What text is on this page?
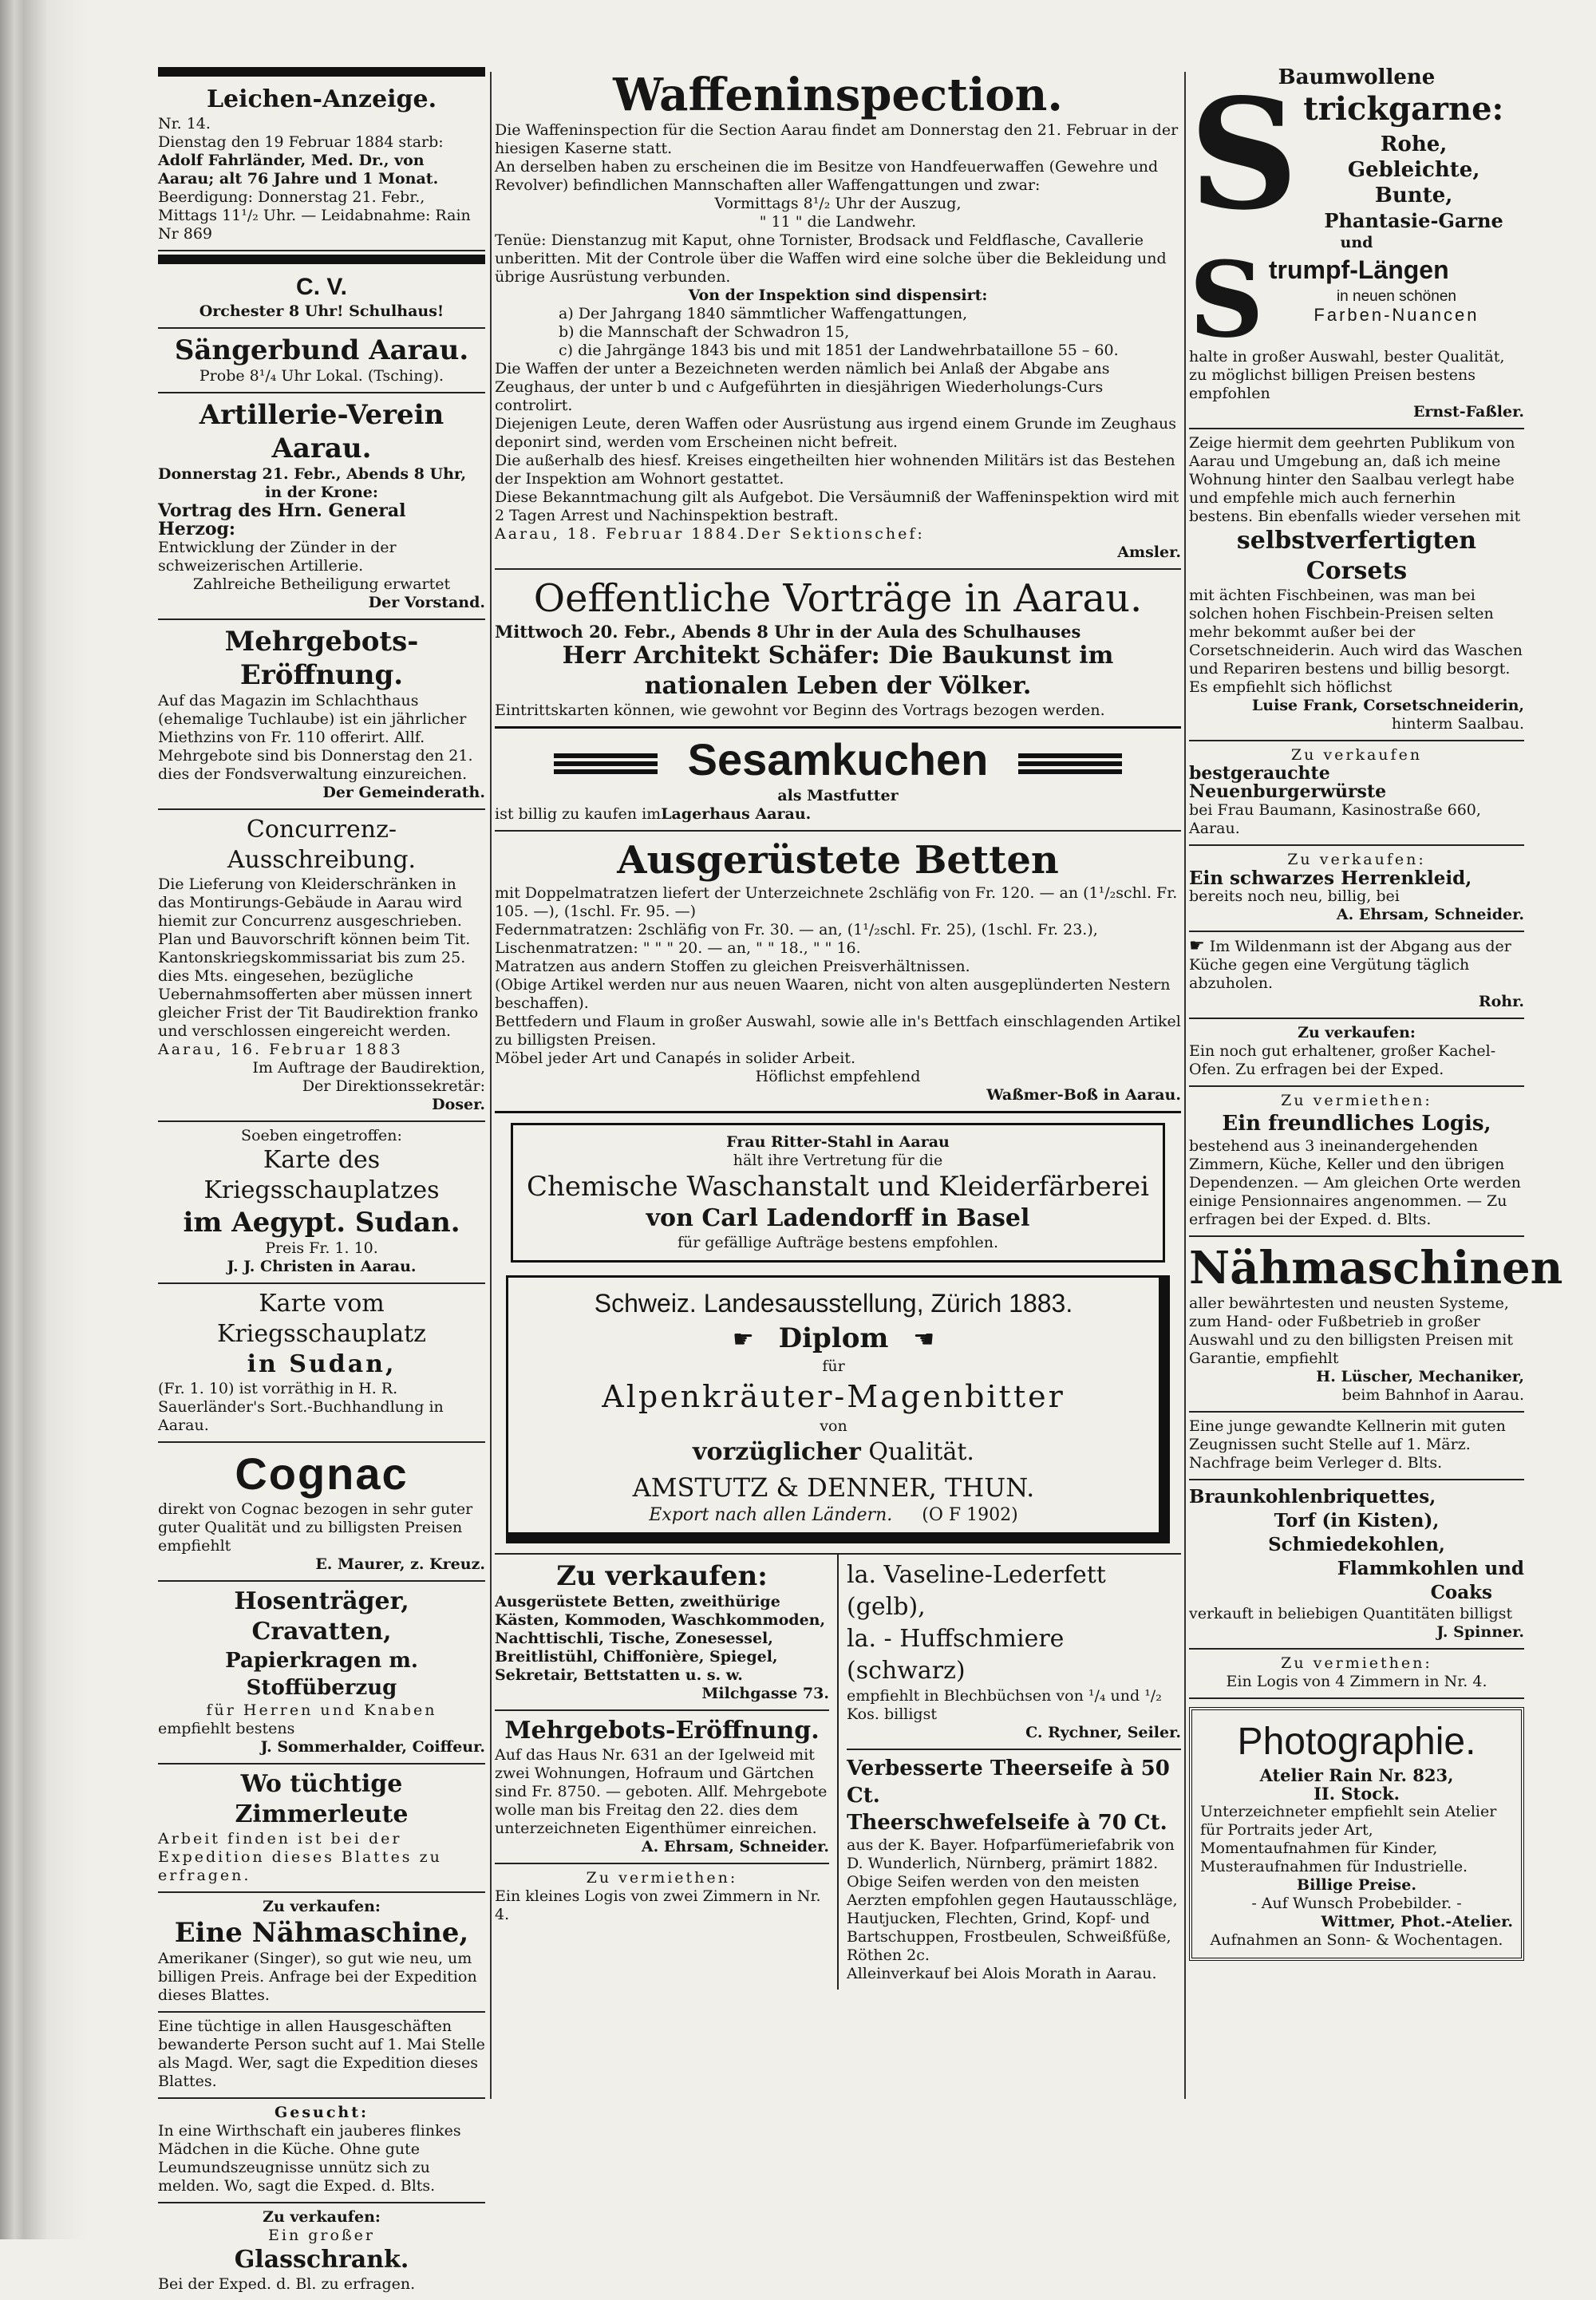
Leichen-Anzeige.

Nr. 14.

Dienstag den 19 Februar 1884 starb:

Adolf Fahrländer, Med. Dr., von Aarau; alt 76 Jahre und 1 Monat.

Beerdigung: Donnerstag 21. Febr., Mittags 11¹/₂ Uhr. — Leidabnahme: Rain Nr 869

C. V.

Orchester 8 Uhr! Schulhaus!

Sängerbund Aarau.

Probe 8¹/₄ Uhr Lokal. (Tsching).

Artillerie-Verein Aarau.

Donnerstag 21. Febr., Abends 8 Uhr,

in der Krone:

Vortrag des Hrn. General Herzog:

Entwicklung der Zünder in der schweizerischen Artillerie.

Zahlreiche Betheiligung erwartet

Der Vorstand.

Mehrgebots-Eröffnung.

Auf das Magazin im Schlachthaus (ehemalige Tuchlaube) ist ein jährlicher Miethzins von Fr. 110 offerirt. Allf. Mehrgebote sind bis Donnerstag den 21. dies der Fondsverwaltung einzureichen.

Der Gemeinderath.

Concurrenz-Ausschreibung.

Die Lieferung von Kleiderschränken in das Montirungs-Gebäude in Aarau wird hiemit zur Concurrenz ausgeschrieben. Plan und Bauvorschrift können beim Tit. Kantonskriegskommissariat bis zum 25. dies Mts. eingesehen, bezügliche Uebernahmsofferten aber müssen innert gleicher Frist der Tit Baudirektion franko und verschlossen eingereicht werden.

Aarau, 16. Februar 1883

Im Auftrage der Baudirektion,

Der Direktionssekretär:

Doser.

Soeben eingetroffen:

Karte des Kriegsschauplatzes

im Aegypt. Sudan.

Preis Fr. 1. 10.

J. J. Christen in Aarau.

Karte vom Kriegsschauplatz

in Sudan,

(Fr. 1. 10) ist vorräthig in H. R. Sauerländer's Sort.-Buchhandlung in Aarau.

Cognac

direkt von Cognac bezogen in sehr guter guter Qualität und zu billigsten Preisen empfiehlt

E. Maurer, z. Kreuz.

Hosenträger,

Cravatten,

Papierkragen m. Stoffüberzug

für Herren und Knaben

empfiehlt bestens

J. Sommerhalder, Coiffeur.

Wo tüchtige Zimmerleute

Arbeit finden ist bei der Expedition dieses Blattes zu erfragen.

Zu verkaufen:

Eine Nähmaschine,

Amerikaner (Singer), so gut wie neu, um billigen Preis. Anfrage bei der Expedition dieses Blattes.

Eine tüchtige in allen Hausgeschäften bewanderte Person sucht auf 1. Mai Stelle als Magd. Wer, sagt die Expedition dieses Blattes.

Gesucht:

In eine Wirthschaft ein jauberes flinkes Mädchen in die Küche. Ohne gute Leumundszeugnisse unnütz sich zu melden. Wo, sagt die Exped. d. Blts.

Zu verkaufen:

Ein großer

Glasschrank.

Bei der Exped. d. Bl. zu erfragen.

Waffeninspection.

Die Waffeninspection für die Section Aarau findet am Donnerstag den 21. Februar in der hiesigen Kaserne statt.

An derselben haben zu erscheinen die im Besitze von Handfeuerwaffen (Gewehre und Revolver) befindlichen Mannschaften aller Waffengattungen und zwar:

Vormittags 8¹/₂ Uhr der Auszug,

" 11 " die Landwehr.

Tenüe: Dienstanzug mit Kaput, ohne Tornister, Brodsack und Feldflasche, Cavallerie unberitten. Mit der Controle über die Waffen wird eine solche über die Bekleidung und übrige Ausrüstung verbunden.

Von der Inspektion sind dispensirt:

a) Der Jahrgang 1840 sämmtlicher Waffengattungen,

b) die Mannschaft der Schwadron 15,

c) die Jahrgänge 1843 bis und mit 1851 der Landwehrbataillone 55 – 60.

Die Waffen der unter a Bezeichneten werden nämlich bei Anlaß der Abgabe ans Zeughaus, der unter b und c Aufgeführten in diesjährigen Wiederholungs-Curs controlirt.

Diejenigen Leute, deren Waffen oder Ausrüstung aus irgend einem Grunde im Zeughaus deponirt sind, werden vom Erscheinen nicht befreit.

Die außerhalb des hiesf. Kreises eingetheilten hier wohnenden Militärs ist das Bestehen der Inspektion am Wohnort gestattet.

Diese Bekanntmachung gilt als Aufgebot. Die Versäumniß der Waffeninspektion wird mit 2 Tagen Arrest und Nachinspektion bestraft.

Aarau, 18. Februar 1884. Der Sektionschef:

Amsler.

Oeffentliche Vorträge in Aarau.

Mittwoch 20. Febr., Abends 8 Uhr in der Aula des Schulhauses

Herr Architekt Schäfer: Die Baukunst im nationalen Leben der Völker.

Eintrittskarten können, wie gewohnt vor Beginn des Vortrags bezogen werden.

Sesamkuchen

als Mastfutter

ist billig zu kaufen im Lagerhaus Aarau.

Ausgerüstete Betten

mit Doppelmatratzen liefert der Unterzeichnete 2schläfig von Fr. 120. — an (1¹/₂schl. Fr. 105. —), (1schl. Fr. 95. —)

Federnmatratzen: 2schläfig von Fr. 30. — an, (1¹/₂schl. Fr. 25), (1schl. Fr. 23.),

Lischenmatratzen: " " " 20. — an, " " 18., " " 16.

Matratzen aus andern Stoffen zu gleichen Preisverhältnissen.

(Obige Artikel werden nur aus neuen Waaren, nicht von alten ausgeplünderten Nestern beschaffen).

Bettfedern und Flaum in großer Auswahl, sowie alle in's Bettfach einschlagenden Artikel zu billigsten Preisen.

Möbel jeder Art und Canapés in solider Arbeit.

Höflichst empfehlend

Waßmer-Boß in Aarau.

Frau Ritter-Stahl in Aarau

hält ihre Vertretung für die

Chemische Waschanstalt und Kleiderfärberei

von Carl Ladendorff in Basel

für gefällige Aufträge bestens empfohlen.

Schweiz. Landesausstellung, Zürich 1883.

☛ Diplom ☚

für

Alpenkräuter-Magenbitter

von

vorzüglicher Qualität.

AMSTUTZ & DENNER, THUN.

Export nach allen Ländern. (O F 1902)

Zu verkaufen:

Ausgerüstete Betten, zweithürige Kästen, Kommoden, Waschkommoden, Nachttischli, Tische, Zonesessel, Breitlistühl, Chiffonière, Spiegel, Sekretair, Bettstatten u. s. w.

Milchgasse 73.

Mehrgebots-Eröffnung.

Auf das Haus Nr. 631 an der Igelweid mit zwei Wohnungen, Hofraum und Gärtchen sind Fr. 8750. — geboten. Allf. Mehrgebote wolle man bis Freitag den 22. dies dem unterzeichneten Eigenthümer einreichen.

A. Ehrsam, Schneider.

Zu vermiethen:

Ein kleines Logis von zwei Zimmern in Nr. 4.

la. Vaseline-Lederfett (gelb),

la. - Huffschmiere (schwarz)

empfiehlt in Blechbüchsen von ¹/₄ und ¹/₂ Kos. billigst

C. Rychner, Seiler.

Verbesserte Theerseife à 50 Ct.

Theerschwefelseife à 70 Ct.

aus der K. Bayer. Hofparfümeriefabrik von D. Wunderlich, Nürnberg, prämirt 1882.

Obige Seifen werden von den meisten Aerzten empfohlen gegen Hautausschläge, Hautjucken, Flechten, Grind, Kopf- und Bartschuppen, Frostbeulen, Schweißfüße, Röthen 2c.

Alleinverkauf bei Alois Morath in Aarau.

Baumwollene

S trickgarne:

Rohe,

Gebleichte,

Bunte,

Phantasie-Garne

und

S trumpf-Längen

in neuen schönen

Farben-Nuancen

halte in großer Auswahl, bester Qualität, zu möglichst billigen Preisen bestens empfohlen

Ernst-Faßler.

Zeige hiermit dem geehrten Publikum von Aarau und Umgebung an, daß ich meine Wohnung hinter den Saalbau verlegt habe und empfehle mich auch fernerhin bestens. Bin ebenfalls wieder versehen mit

selbstverfertigten Corsets

mit ächten Fischbeinen, was man bei solchen hohen Fischbein-Preisen selten mehr bekommt außer bei der Corsetschneiderin. Auch wird das Waschen und Repariren bestens und billig besorgt. Es empfiehlt sich höflichst

Luise Frank, Corsetschneiderin,

hinterm Saalbau.

Zu verkaufen

bestgerauchte Neuenburgerwürste

bei Frau Baumann, Kasinostraße 660, Aarau.

Zu verkaufen:

Ein schwarzes Herrenkleid,

bereits noch neu, billig, bei

A. Ehrsam, Schneider.

☛ Im Wildenmann ist der Abgang aus der Küche gegen eine Vergütung täglich abzuholen.

Rohr.

Zu verkaufen:

Ein noch gut erhaltener, großer Kachel-Ofen. Zu erfragen bei der Exped.

Zu vermiethen:

Ein freundliches Logis,

bestehend aus 3 ineinandergehenden Zimmern, Küche, Keller und den übrigen Dependenzen. — Am gleichen Orte werden einige Pensionnaires angenommen. — Zu erfragen bei der Exped. d. Blts.

Nähmaschinen

aller bewährtesten und neusten Systeme, zum Hand- oder Fußbetrieb in großer Auswahl und zu den billigsten Preisen mit Garantie, empfiehlt

H. Lüscher, Mechaniker,

beim Bahnhof in Aarau.

Eine junge gewandte Kellnerin mit guten Zeugnissen sucht Stelle auf 1. März. Nachfrage beim Verleger d. Blts.

Braunkohlenbriquettes,

Torf (in Kisten),

Schmiedekohlen,

Flammkohlen und

Coaks

verkauft in beliebigen Quantitäten billigst

J. Spinner.

Zu vermiethen:

Ein Logis von 4 Zimmern in Nr. 4.

Photographie.

Atelier Rain Nr. 823,

II. Stock.

Unterzeichneter empfiehlt sein Atelier für Portraits jeder Art, Momentaufnahmen für Kinder, Musteraufnahmen für Industrielle.

Billige Preise.

- Auf Wunsch Probebilder. -

Wittmer, Phot.-Atelier.

Aufnahmen an Sonn- & Wochentagen.
